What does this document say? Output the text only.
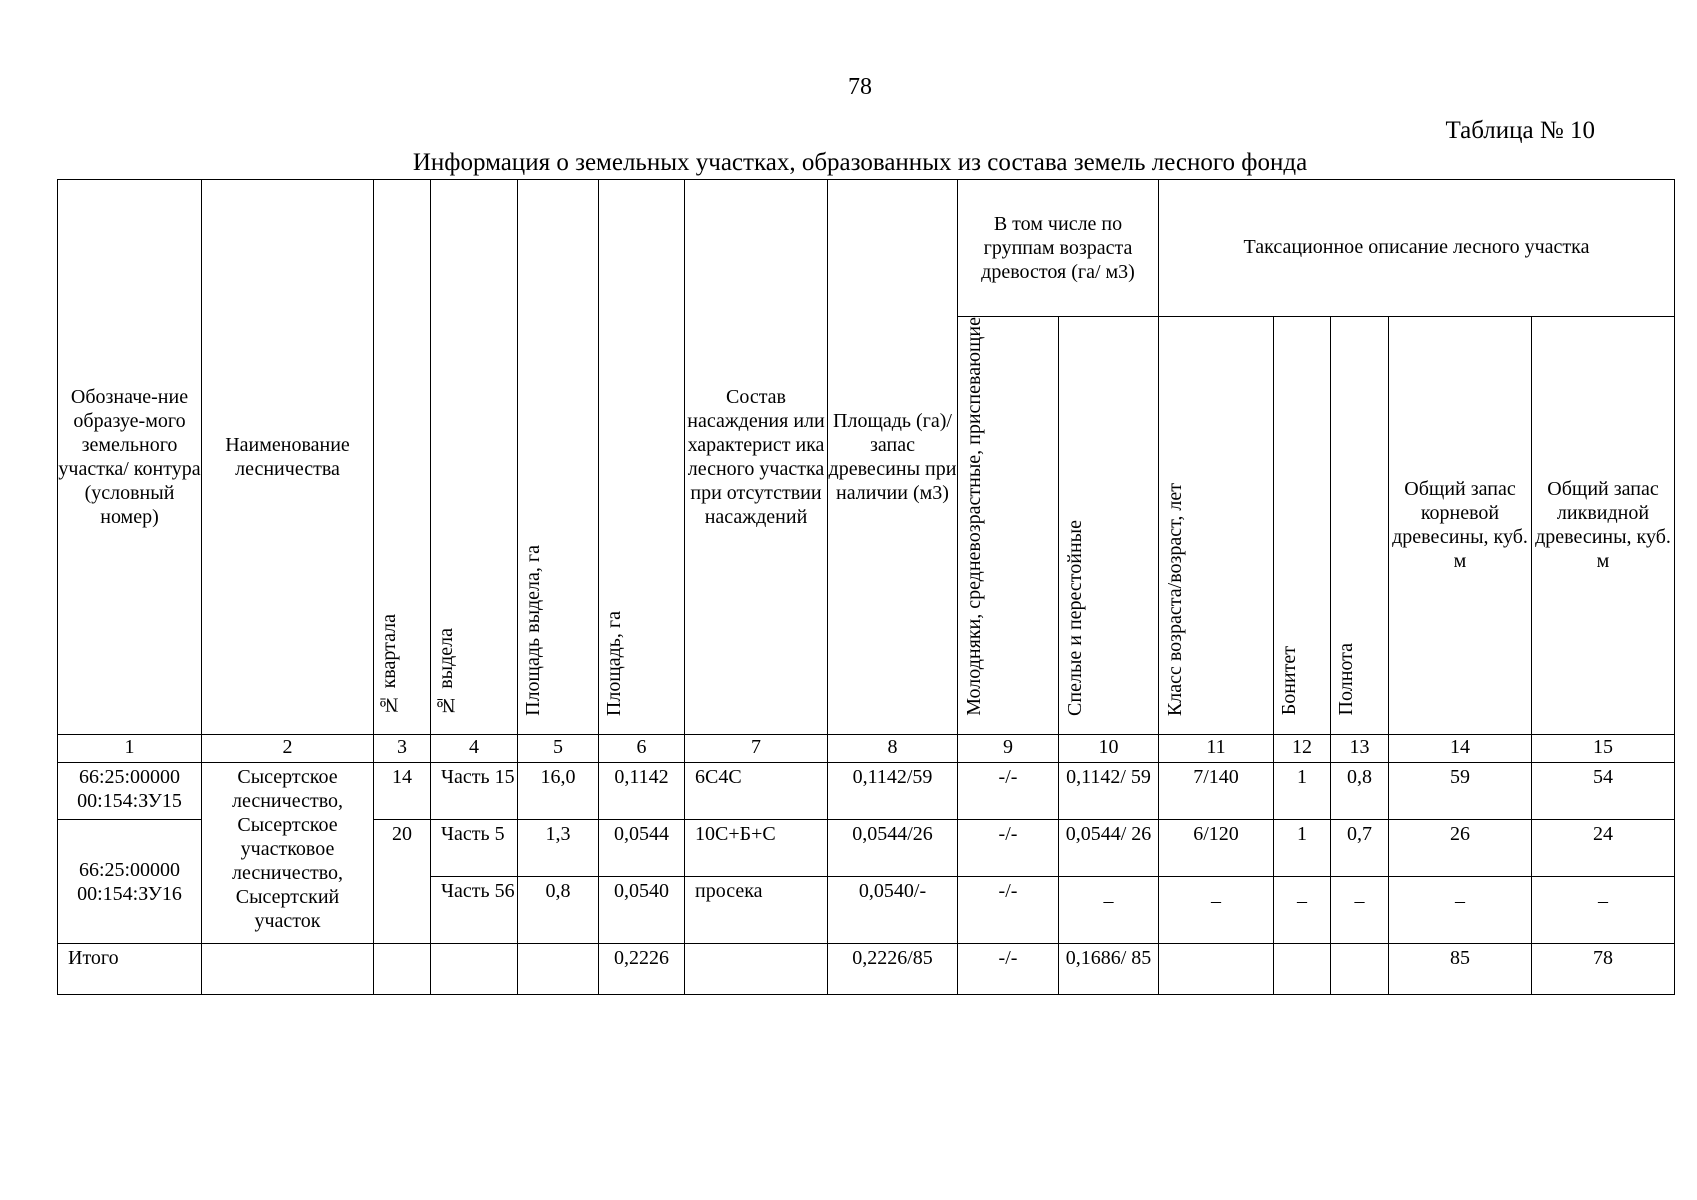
78
Таблица № 10
Информация о земельных участках, образованных из состава земель лесного фонда
Обозначе-ние образуе-мого земельного участка/ контура (условный номер)	Наименование лесничества	№ квартала	№ выдела	Площадь выдела, га	Площадь, га	Состав насаждения или характерист ика лесного участка при отсутствии насаждений	Площадь (га)/ запас древесины при наличии (м3)	В том числе по группам возраста древостоя (га/ м3)		Таксационное описание лесного участка				
								Молодняки, средневозрастные, приспевающие	Спелые и перестойные	Класс возраста/возраст, лет	Бонитет	Полнота	Общий запас корневой древесины, куб. м	Общий запас ликвидной древесины, куб. м
1	2	3	4	5	6	7	8	9	10	11	12	13	14	15
66:25:00000 00:154:ЗУ15	Сысертское лесничество, Сысертское участковое лесничество, Сысертский участок	14	Часть 15	16,0	0,1142	6С4С	0,1142/59	-/-	0,1142/ 59	7/140	1	0,8	59	54
66:25:00000 00:154:ЗУ16		20	Часть 5	1,3	0,0544	10С+Б+С	0,0544/26	-/-	0,0544/ 26	6/120	1	0,7	26	24
			Часть 56	0,8	0,0540	просека	0,0540/-	-/-	–	–	–	–	–	–
Итого					0,2226		0,2226/85	-/-	0,1686/ 85				85	78
